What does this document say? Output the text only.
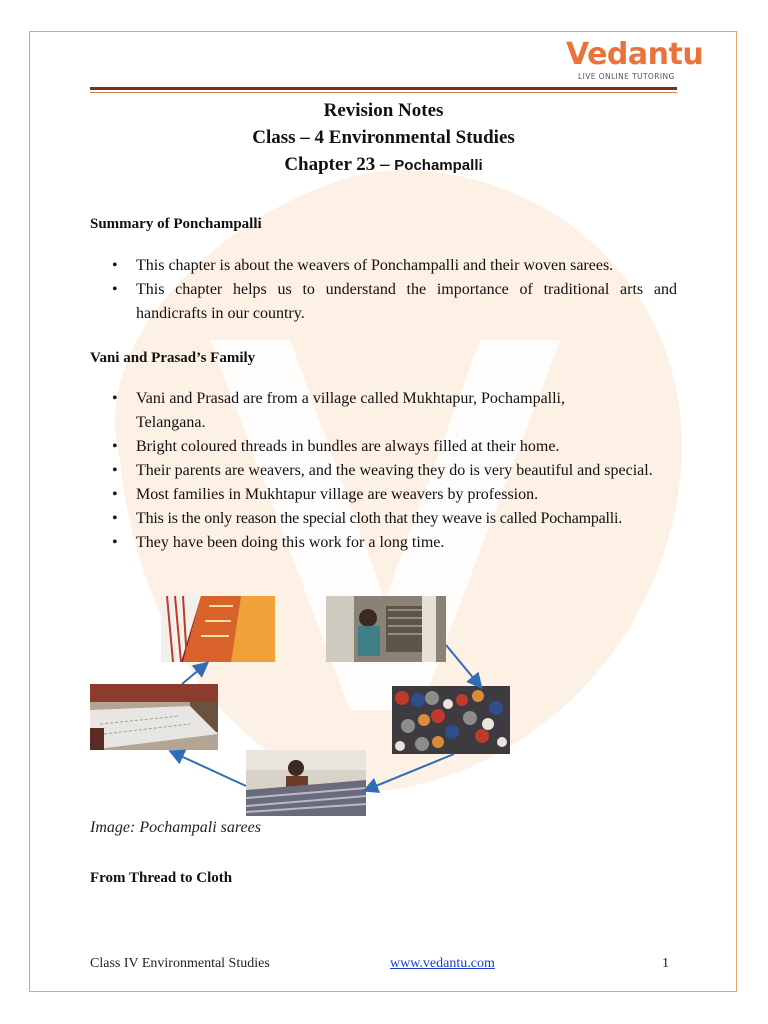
Vedantu
LIVE ONLINE TUTORING
Revision Notes
Class – 4 Environmental Studies
Chapter 23 – Pochampalli
Summary of Ponchampalli
• This chapter is about the weavers of Ponchampalli and their woven sarees.
• This chapter helps us to understand the importance of traditional arts and handicrafts in our country.
Vani and Prasad’s Family
• Vani and Prasad are from a village called Mukhtapur, Pochampalli, Telangana.
• Bright coloured threads in bundles are always filled at their home.
• Their parents are weavers, and the weaving they do is very beautiful and special.
• Most families in Mukhtapur village are weavers by profession.
• This is the only reason the special cloth that they weave is called Pochampalli.
• They have been doing this work for a long time.
Image: Pochampali sarees
From Thread to Cloth
Class IV Environmental Studies	www.vedantu.com	1
